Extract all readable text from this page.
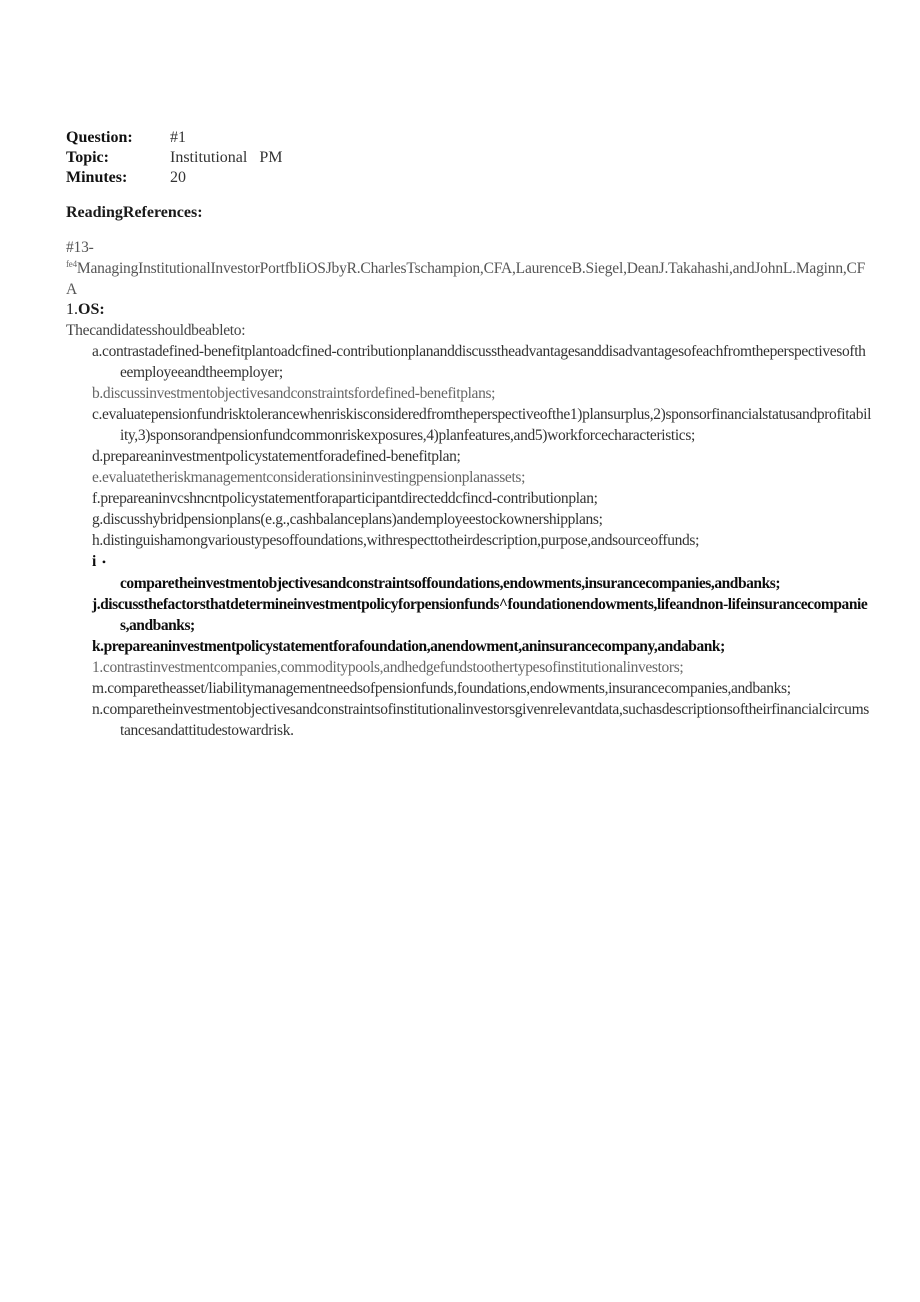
Question:	#1
Topic:	Institutional   PM
Minutes:	20
ReadingReferences:
#13-
$^{fe4}$ManagingInstitutionalInvestorPortfbIiOSJbyR.CharlesTschampion,CFA,LaurenceB.Siegel,DeanJ.Takahashi,andJohnL.Maginn,CFA
1.OS:
Thecandidatesshouldbeableto:
a.contrastadefined-benefitplantoadcfined-contributionplananddiscusstheadvantagesanddisadvantagesofeachfromtheperspectivesoftheemployeeandtheemployer;
b.discussinvestmentobjectivesandconstraintsfordefined-benefitplans;
c.evaluatepensionfundrisktolerancewhenriskisconsideredfromtheperspectiveofthe1)plansurplus,2)sponsorfinancialstatusandprofitability,3)sponsorandpensionfundcommonriskexposures,4)planfeatures,and5)workforcecharacteristics;
d.prepareaninvestmentpolicystatementforadefined-benefitplan;
e.evaluatetheriskmanagementconsiderationsininvestingpensionplanassets;
f.prepareaninvcshncntpolicystatementforaparticipantdirecteddcfincd-contributionplan;
g.discusshybridpensionplans(e.g.,cashbalanceplans)andemployeestockownershipplans;
h.distinguishamongvarioustypesoffoundations,withrespecttotheirdescription,purpose,andsourceoffunds;
i •
comparetheinvestmentobjectivesandconstraintsoffoundations,endowments,insurancecompanies,andbanks;
j.discussthefactorsthatdetermineinvestmentpolicyforpensionfunds^foundationendowments,lifeandnon-lifeinsurancecompanies,andbanks;
k.prepareaninvestmentpolicystatementforafoundation,anendowment,aninsurancecompany,andabank;
1.contrastinvestmentcompanies,commoditypools,andhedgefundstoothertypesofinstitutionalinvestors;
m.comparetheasset/liabilitymanagementneedsofpensionfunds,foundations,endowments,insurancecompanies,andbanks;
n.comparetheinvestmentobjectivesandconstraintsofinstitutionalinvestorsgivenrelevantdata,suchasdescriptionsoftheirfinancialcircumstancesandattitudestowardrisk.
